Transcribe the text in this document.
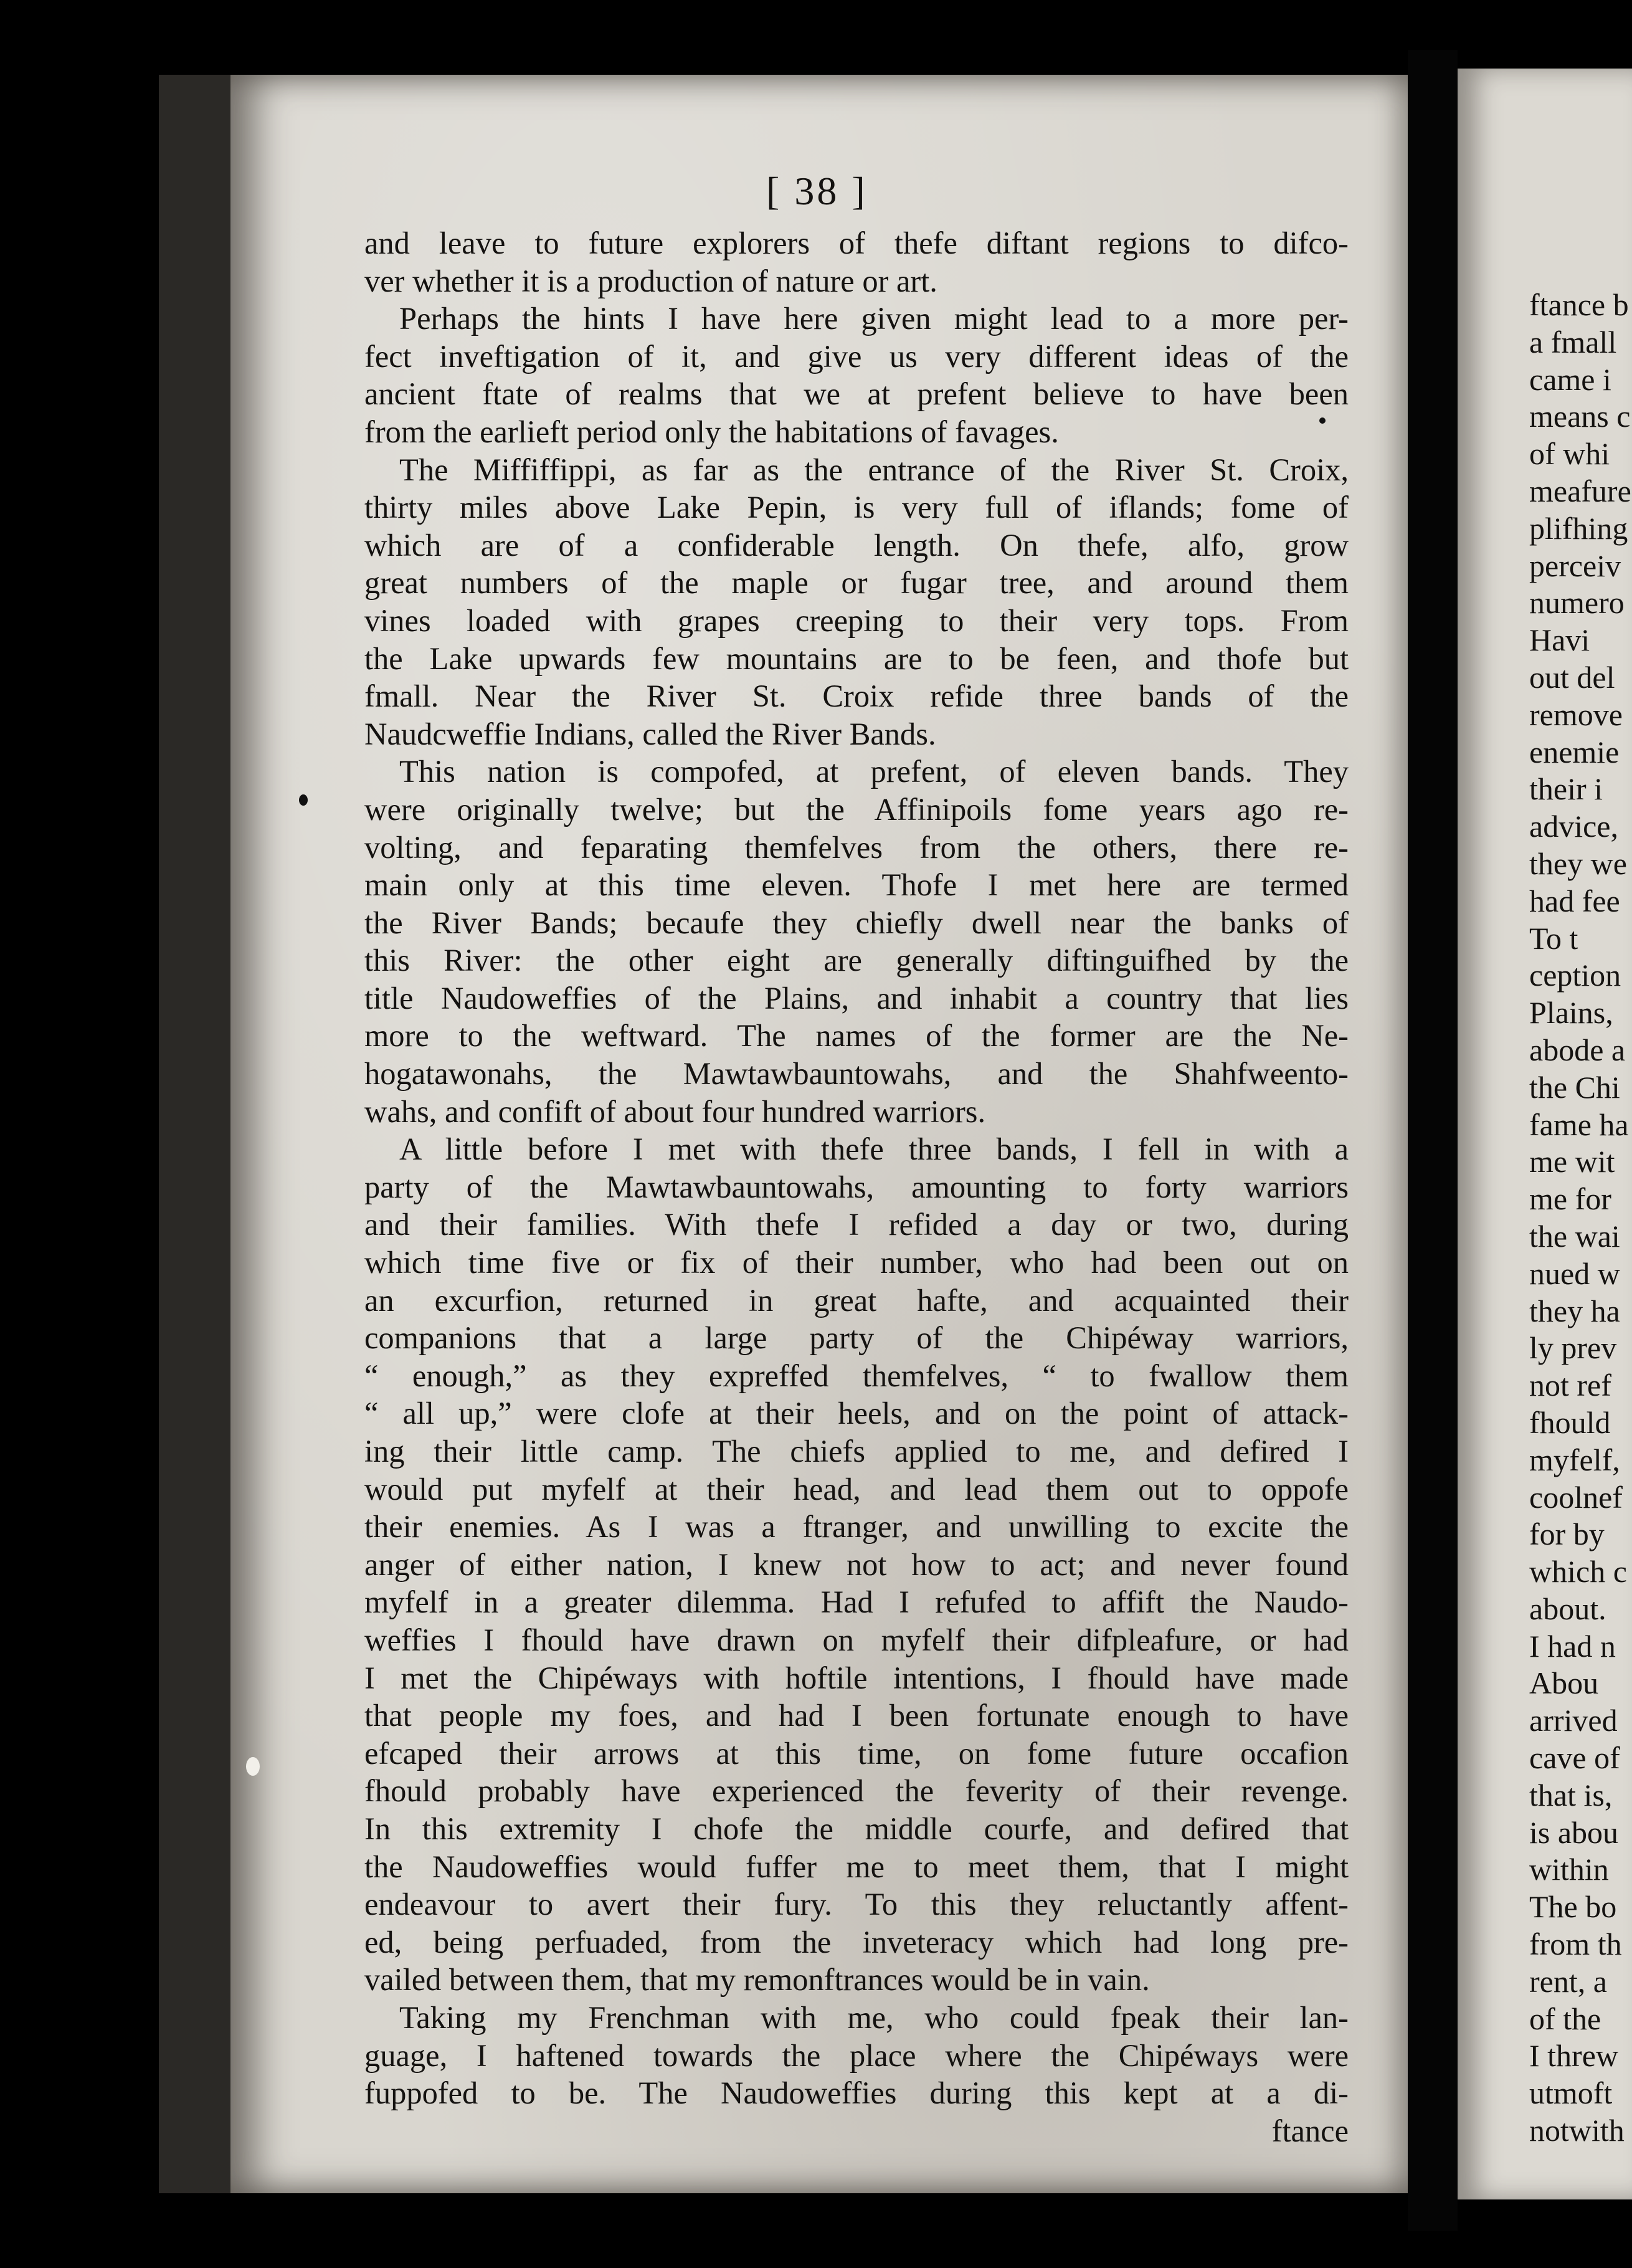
[ 38 ]
and leave to future explorers of thefe diftant regions to difco-
ver whether it is a production of nature or art.
Perhaps the hints I have here given might lead to a more per-
fect inveftigation of it, and give us very different ideas of the
ancient ftate of realms that we at prefent believe to have been
from the earlieft period only the habitations of favages.
The Miffiffippi, as far as the entrance of the River St. Croix,
thirty miles above Lake Pepin, is very full of iflands; fome of
which are of a confiderable length. On thefe, alfo, grow
great numbers of the maple or fugar tree, and around them
vines loaded with grapes creeping to their very tops. From
the Lake upwards few mountains are to be feen, and thofe but
fmall. Near the River St. Croix refide three bands of the
Naudcweffie Indians, called the River Bands.
This nation is compofed, at prefent, of eleven bands. They
were originally twelve; but the Affinipoils fome years ago re-
volting, and feparating themfelves from the others, there re-
main only at this time eleven. Thofe I met here are termed
the River Bands; becaufe they chiefly dwell near the banks of
this River: the other eight are generally diftinguifhed by the
title Naudoweffies of the Plains, and inhabit a country that lies
more to the weftward. The names of the former are the Ne-
hogatawonahs, the Mawtawbauntowahs, and the Shahfweento-
wahs, and confift of about four hundred warriors.
A little before I met with thefe three bands, I fell in with a
party of the Mawtawbauntowahs, amounting to forty warriors
and their families. With thefe I refided a day or two, during
which time five or fix of their number, who had been out on
an excurfion, returned in great hafte, and acquainted their
companions that a large party of the Chipéway warriors,
“ enough,” as they expreffed themfelves, “ to fwallow them
“ all up,” were clofe at their heels, and on the point of attack-
ing their little camp. The chiefs applied to me, and defired I
would put myfelf at their head, and lead them out to oppofe
their enemies. As I was a ftranger, and unwilling to excite the
anger of either nation, I knew not how to act; and never found
myfelf in a greater dilemma. Had I refufed to affift the Naudo-
weffies I fhould have drawn on myfelf their difpleafure, or had
I met the Chipéways with hoftile intentions, I fhould have made
that people my foes, and had I been fortunate enough to have
efcaped their arrows at this time, on fome future occafion
fhould probably have experienced the feverity of their revenge.
In this extremity I chofe the middle courfe, and defired that
the Naudoweffies would fuffer me to meet them, that I might
endeavour to avert their fury. To this they reluctantly affent-
ed, being perfuaded, from the inveteracy which had long pre-
vailed between them, that my remonftrances would be in vain.
Taking my Frenchman with me, who could fpeak their lan-
guage, I haftened towards the place where the Chipéways were
fuppofed to be. The Naudoweffies during this kept at a di-
ftance
ftance b
a fmall
came i
means c
of whi
meafure
plifhing
perceiv
numero
Havi
out del
remove
enemie
their i
advice,
they we
had fee
To t
ception
Plains,
abode a
the Chi
fame ha
me wit
me for
the wai
nued w
they ha
ly prev
not ref
fhould
myfelf,
coolnef
for by
which c
about.
I had n
Abou
arrived
cave of
that is,
is abou
within
The bo
from th
rent, a
of the
I threw
utmoft
notwith
